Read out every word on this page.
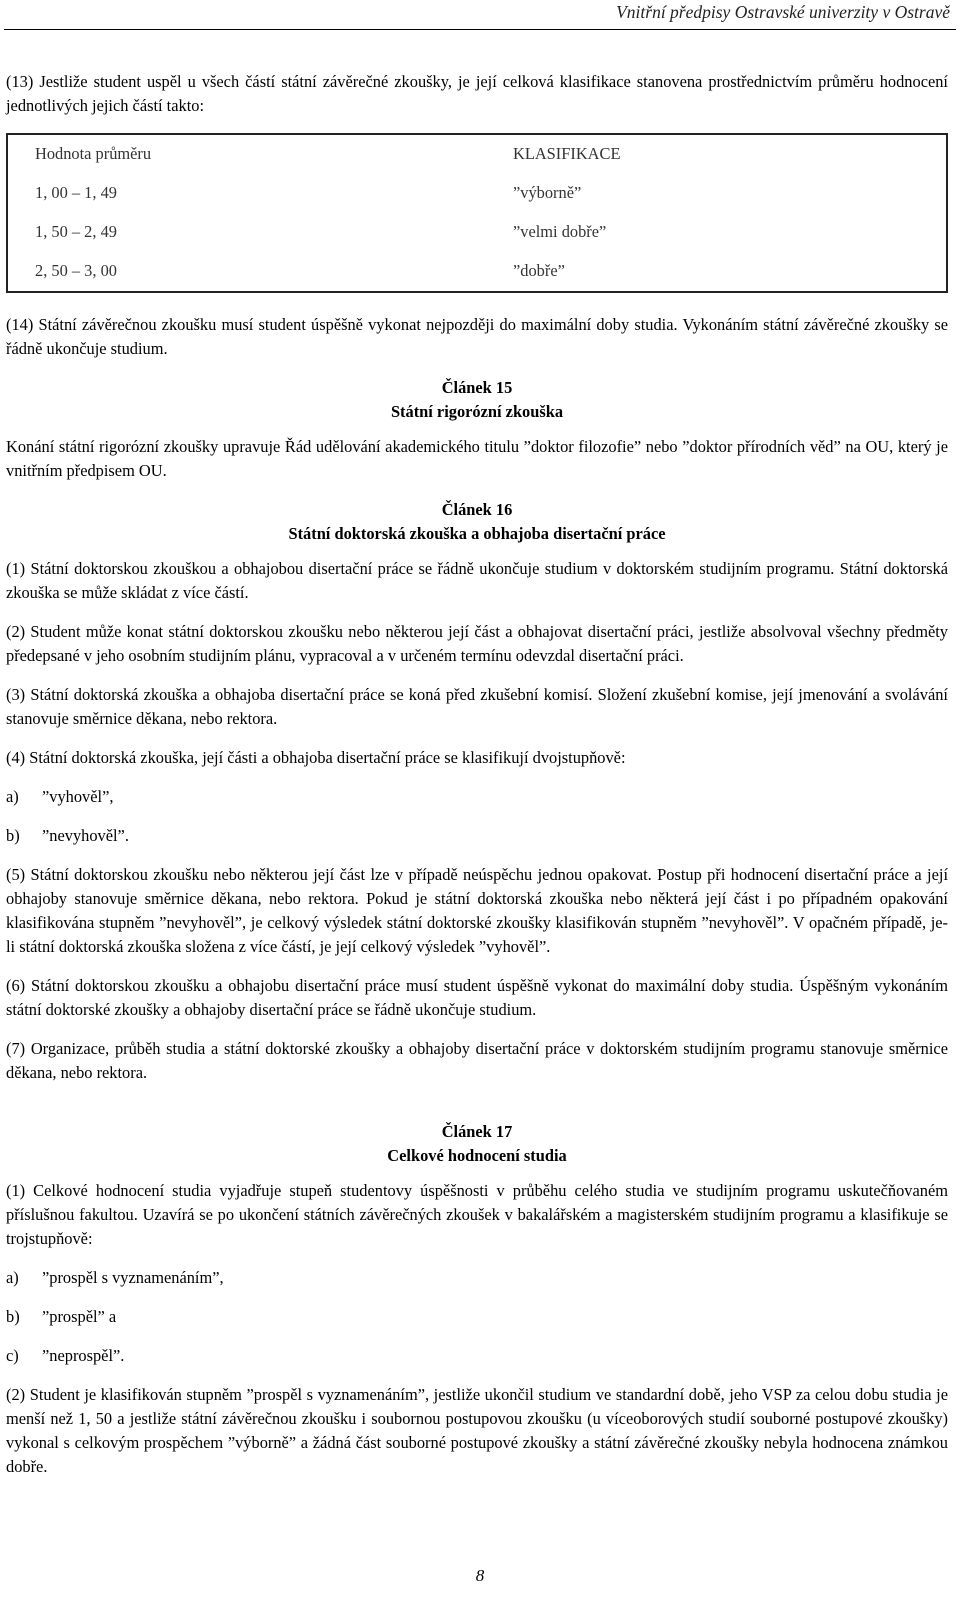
Vnitřní předpisy Ostravské univerzity v Ostravě

(13) Jestliže student uspěl u všech částí státní závěrečné zkoušky, je její celková klasifikace stanovena prostřednictvím průměru hodnocení jednotlivých jejich částí takto:

Hodnota průměru	KLASIFIKACE
1, 00 – 1, 49	”výborně”
1, 50 – 2, 49	”velmi dobře”
2, 50 – 3, 00	”dobře”

(14) Státní závěrečnou zkoušku musí student úspěšně vykonat nejpozději do maximální doby studia. Vykonáním státní závěrečné zkoušky se řádně ukončuje studium.

Článek 15
Státní rigorózní zkouška

Konání státní rigorózní zkoušky upravuje Řád udělování akademického titulu ”doktor filozofie” nebo ”doktor přírodních věd” na OU, který je vnitřním předpisem OU.

Článek 16
Státní doktorská zkouška a obhajoba disertační práce

(1) Státní doktorskou zkouškou a obhajobou disertační práce se řádně ukončuje studium v doktorském studijním programu. Státní doktorská zkouška se může skládat z více částí.

(2) Student může konat státní doktorskou zkoušku nebo některou její část a obhajovat disertační práci, jestliže absolvoval všechny předměty předepsané v jeho osobním studijním plánu, vypracoval a v určeném termínu odevzdal disertační práci.

(3) Státní doktorská zkouška a obhajoba disertační práce se koná před zkušební komisí. Složení zkušební komise, její jmenování a svolávání stanovuje směrnice děkana, nebo rektora.

(4) Státní doktorská zkouška, její části a obhajoba disertační práce se klasifikují dvojstupňově:

a) ”vyhověl”,
b) ”nevyhověl”.

(5) Státní doktorskou zkoušku nebo některou její část lze v případě neúspěchu jednou opakovat. Postup při hodnocení disertační práce a její obhajoby stanovuje směrnice děkana, nebo rektora. Pokud je státní doktorská zkouška nebo některá její část i po případném opakování klasifikována stupněm ”nevyhověl”, je celkový výsledek státní doktorské zkoušky klasifikován stupněm ”nevyhověl”. V opačném případě, je-li státní doktorská zkouška složena z více částí, je její celkový výsledek ”vyhověl”.

(6) Státní doktorskou zkoušku a obhajobu disertační práce musí student úspěšně vykonat do maximální doby studia. Úspěšným vykonáním státní doktorské zkoušky a obhajoby disertační práce se řádně ukončuje studium.

(7) Organizace, průběh studia a státní doktorské zkoušky a obhajoby disertační práce v doktorském studijním programu stanovuje směrnice děkana, nebo rektora.

Článek 17
Celkové hodnocení studia

(1) Celkové hodnocení studia vyjadřuje stupeň studentovy úspěšnosti v průběhu celého studia ve studijním programu uskutečňovaném příslušnou fakultou. Uzavírá se po ukončení státních závěrečných zkoušek v bakalářském a magisterském studijním programu a klasifikuje se trojstupňově:

a) ”prospěl s vyznamenáním”,
b) ”prospěl” a
c) ”neprospěl”.

(2) Student je klasifikován stupněm ”prospěl s vyznamenáním”, jestliže ukončil studium ve standardní době, jeho VSP za celou dobu studia je menší než 1, 50 a jestliže státní závěrečnou zkoušku i soubornou postupovou zkoušku (u víceoborových studií souborné postupové zkoušky) vykonal s celkovým prospěchem ”výborně” a žádná část souborné postupové zkoušky a státní závěrečné zkoušky nebyla hodnocena známkou dobře.

8
